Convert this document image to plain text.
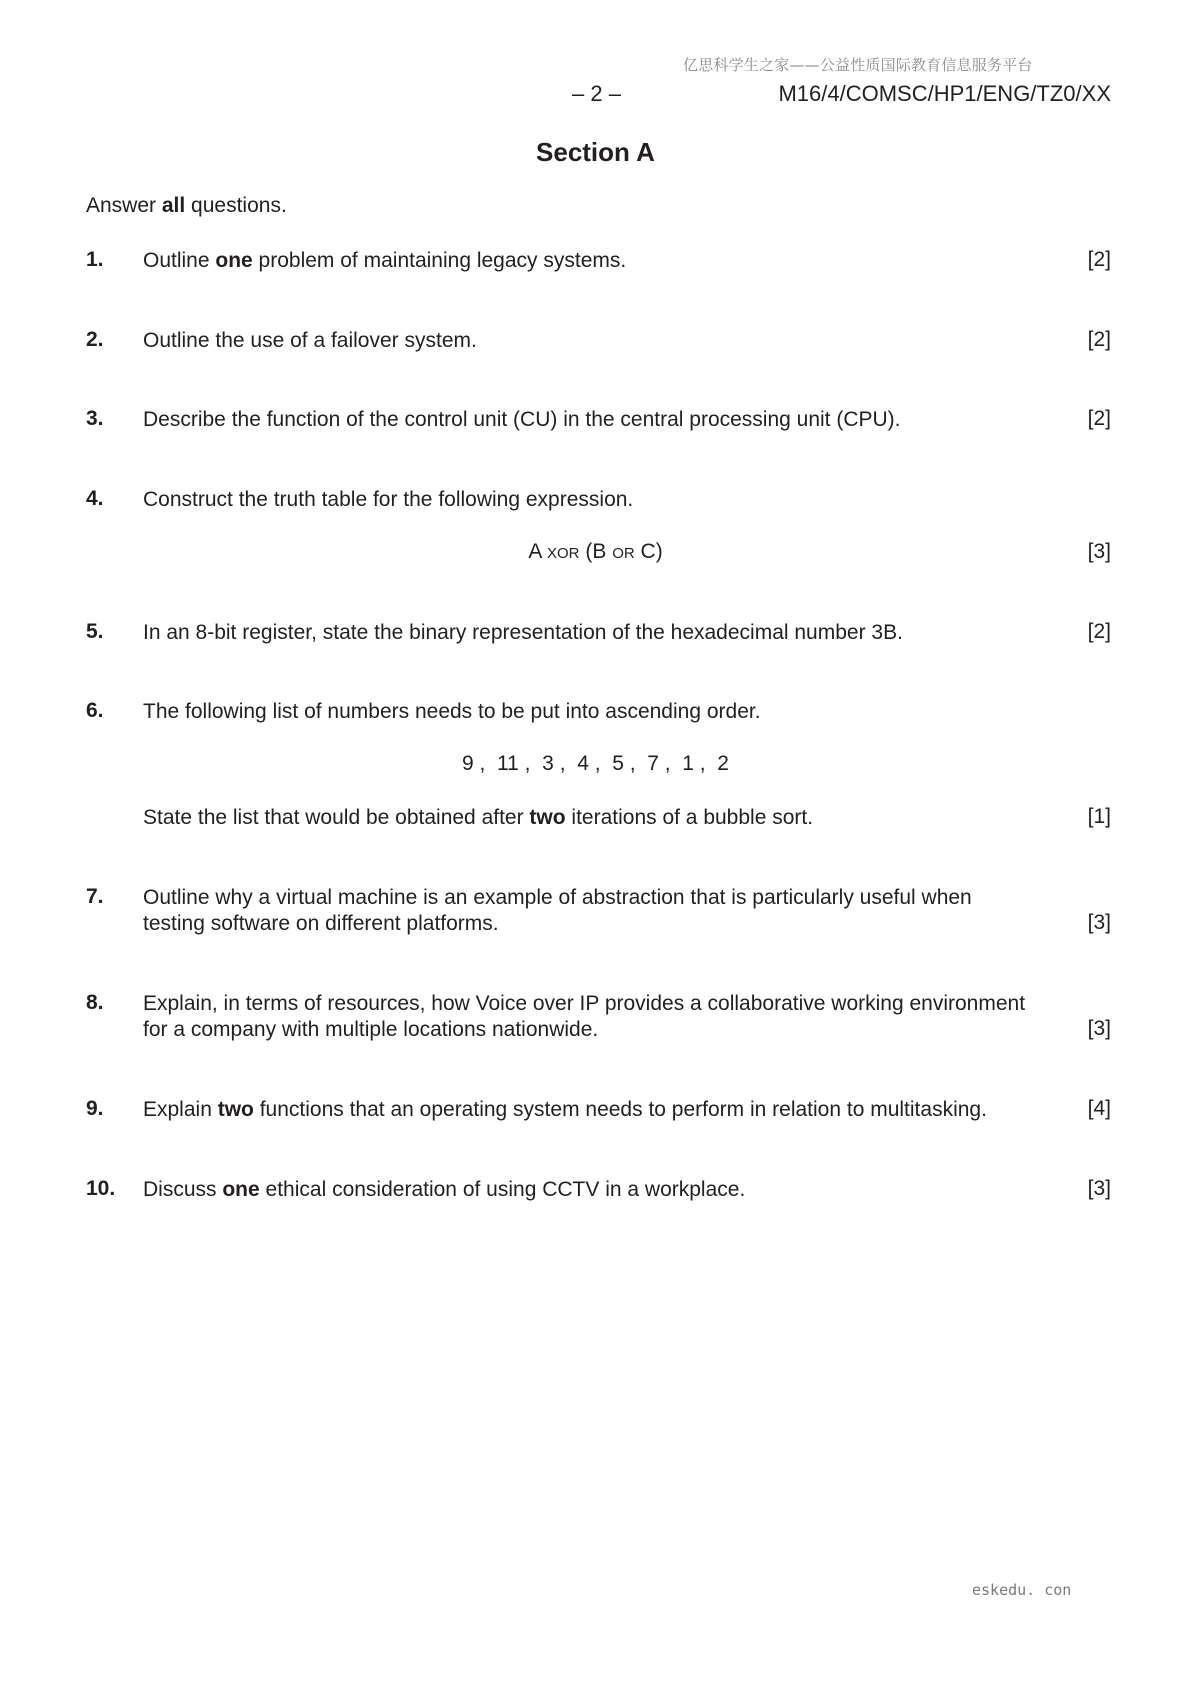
亿思科学生之家——公益性质国际教育信息服务平台
– 2 –	M16/4/COMSC/HP1/ENG/TZ0/XX
Section A
Answer all questions.
1. Outline one problem of maintaining legacy systems.	[2]
2. Outline the use of a failover system.	[2]
3. Describe the function of the control unit (CU) in the central processing unit (CPU).	[2]
4. Construct the truth table for the following expression.
A xor (B or C)	[3]
5. In an 8-bit register, state the binary representation of the hexadecimal number 3B.	[2]
6. The following list of numbers needs to be put into ascending order.
9 ,  11 ,  3 ,  4 ,  5 ,  7 ,  1 ,  2
State the list that would be obtained after two iterations of a bubble sort.	[1]
7. Outline why a virtual machine is an example of abstraction that is particularly useful when
testing software on different platforms.	[3]
8. Explain, in terms of resources, how Voice over IP provides a collaborative working environment
for a company with multiple locations nationwide.	[3]
9. Explain two functions that an operating system needs to perform in relation to multitasking.	[4]
10. Discuss one ethical consideration of using CCTV in a workplace.	[3]
eskedu. con
